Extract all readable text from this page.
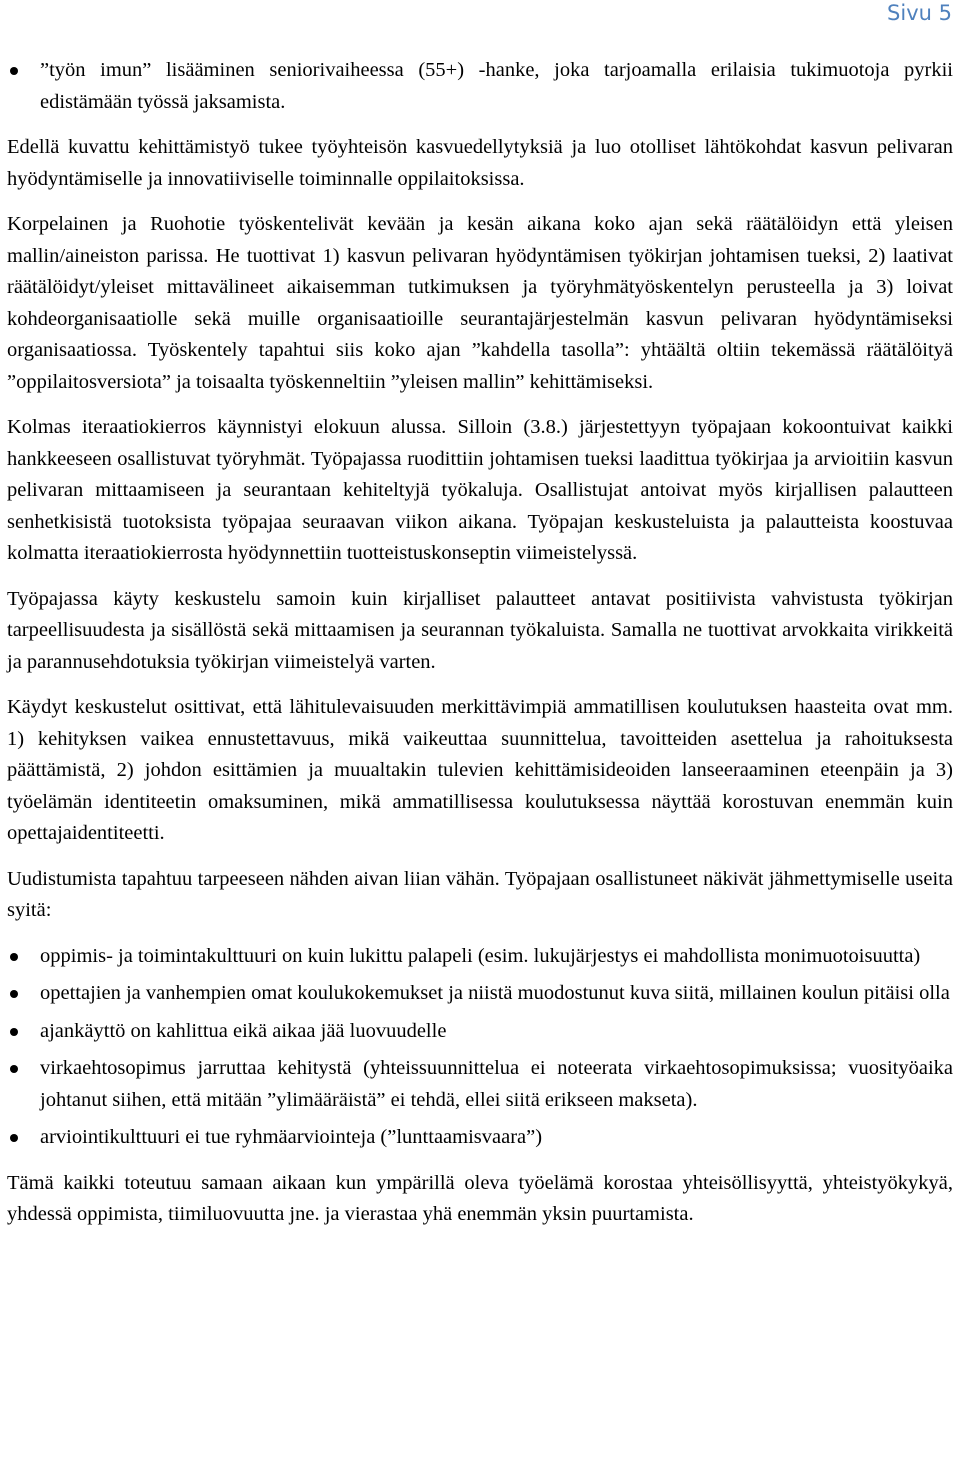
Sivu 5
”työn imun” lisääminen seniorivaiheessa (55+) -hanke, joka tarjoamalla erilaisia tukimuotoja pyrkii edistämään työssä jaksamista.

Edellä kuvattu kehittämistyö tukee työyhteisön kasvuedellytyksiä ja luo otolliset lähtökohdat kasvun pelivaran hyödyntämiselle ja innovatiiviselle toiminnalle oppilaitoksissa.

Korpelainen ja Ruohotie työskentelivät kevään ja kesän aikana koko ajan sekä räätälöidyn että yleisen mallin/aineiston parissa. He tuottivat 1) kasvun pelivaran hyödyntämisen työkirjan johtamisen tueksi, 2) laativat räätälöidyt/yleiset mittavälineet aikaisemman tutkimuksen ja työryhmätyöskentelyn perusteella ja 3) loivat kohdeorganisaatiolle sekä muille organisaatioille seurantajärjestelmän kasvun pelivaran hyödyntämiseksi organisaatiossa. Työskentely tapahtui siis koko ajan ”kahdella tasolla”: yhtäältä oltiin tekemässä räätälöityä ”oppilaitosversiota” ja toisaalta työskenneltiin ”yleisen mallin” kehittämiseksi.

Kolmas iteraatiokierros käynnistyi elokuun alussa. Silloin (3.8.) järjestettyyn työpajaan kokoontuivat kaikki hankkeeseen osallistuvat työryhmät. Työpajassa ruodittiin johtamisen tueksi laadittua työkirjaa ja arvioitiin kasvun pelivaran mittaamiseen ja seurantaan kehiteltyjä työkaluja. Osallistujat antoivat myös kirjallisen palautteen senhetkisistä tuotoksista työpajaa seuraavan viikon aikana. Työpajan keskusteluista ja palautteista koostuvaa kolmatta iteraatiokierrosta hyödynnettiin tuotteistuskonseptin viimeistelyssä.

Työpajassa käyty keskustelu samoin kuin kirjalliset palautteet antavat positiivista vahvistusta työkirjan tarpeellisuudesta ja sisällöstä sekä mittaamisen ja seurannan työkaluista. Samalla ne tuottivat arvokkaita virikkeitä ja parannusehdotuksia työkirjan viimeistelyä varten.

Käydyt keskustelut osittivat, että lähitulevaisuuden merkittävimpiä ammatillisen koulutuksen haasteita ovat mm. 1) kehityksen vaikea ennustettavuus, mikä vaikeuttaa suunnittelua, tavoitteiden asettelua ja rahoituksesta päättämistä, 2) johdon esittämien ja muualtakin tulevien kehittämisideoiden lanseeraaminen eteenpäin ja 3) työelämän identiteetin omaksuminen, mikä ammatillisessa koulutuksessa näyttää korostuvan enemmän kuin opettajaidentiteetti.

Uudistumista tapahtuu tarpeeseen nähden aivan liian vähän. Työpajaan osallistuneet näkivät jähmettymiselle useita syitä:

oppimis- ja toimintakulttuuri on kuin lukittu palapeli (esim. lukujärjestys ei mahdollista monimuotoisuutta)
opettajien ja vanhempien omat koulukokemukset ja niistä muodostunut kuva siitä, millainen koulun pitäisi olla
ajankäyttö on kahlittua eikä aikaa jää luovuudelle
virkaehtosopimus jarruttaa kehitystä (yhteissuunnittelua ei noteerata virkaehtosopimuksissa; vuosityöaika johtanut siihen, että mitään ”ylimääräistä” ei tehdä, ellei siitä erikseen makseta).
arviointikulttuuri ei tue ryhmäarviointeja (”lunttaamisvaara”)

Tämä kaikki toteutuu samaan aikaan kun ympärillä oleva työelämä korostaa yhteisöllisyyttä, yhteistyökykyä, yhdessä oppimista, tiimiluovuutta jne. ja vierastaa yhä enemmän yksin puurtamista.
